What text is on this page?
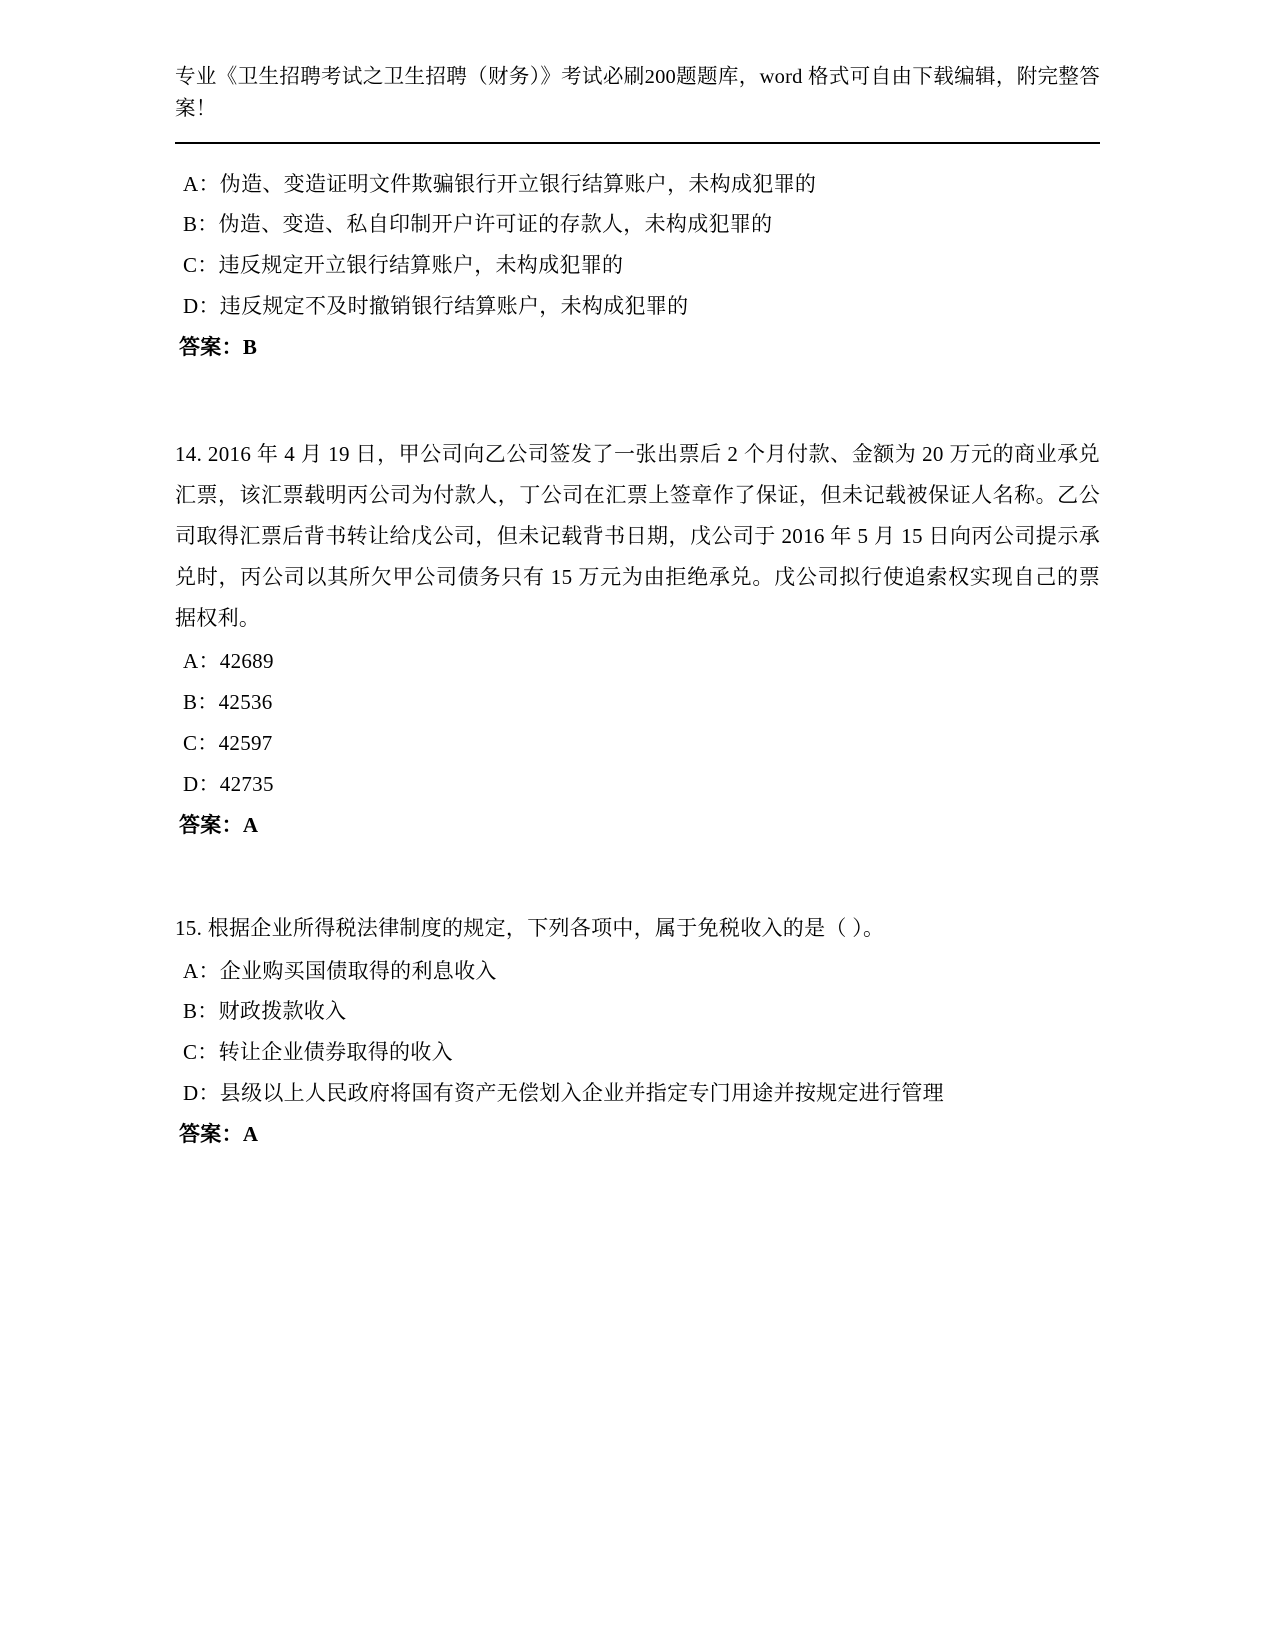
专业《卫生招聘考试之卫生招聘（财务）》考试必刷200题题库，word 格式可自由下载编辑，附完整答案！

A：伪造、变造证明文件欺骗银行开立银行结算账户，未构成犯罪的

B：伪造、变造、私自印制开户许可证的存款人，未构成犯罪的

C：违反规定开立银行结算账户，未构成犯罪的

D：违反规定不及时撤销银行结算账户，未构成犯罪的

答案：B

14. 2016 年 4 月 19 日，甲公司向乙公司签发了一张出票后 2 个月付款、金额为 20 万元的商业承兑汇票，该汇票载明丙公司为付款人，丁公司在汇票上签章作了保证，但未记载被保证人名称。乙公司取得汇票后背书转让给戊公司，但未记载背书日期，戊公司于 2016 年 5 月 15 日向丙公司提示承兑时，丙公司以其所欠甲公司债务只有 15 万元为由拒绝承兑。戊公司拟行使追索权实现自己的票据权利。

A：42689

B：42536

C：42597

D：42735

答案：A

15. 根据企业所得税法律制度的规定，下列各项中，属于免税收入的是（ ）。

A：企业购买国债取得的利息收入

B：财政拨款收入

C：转让企业债券取得的收入

D：县级以上人民政府将国有资产无偿划入企业并指定专门用途并按规定进行管理

答案：A
